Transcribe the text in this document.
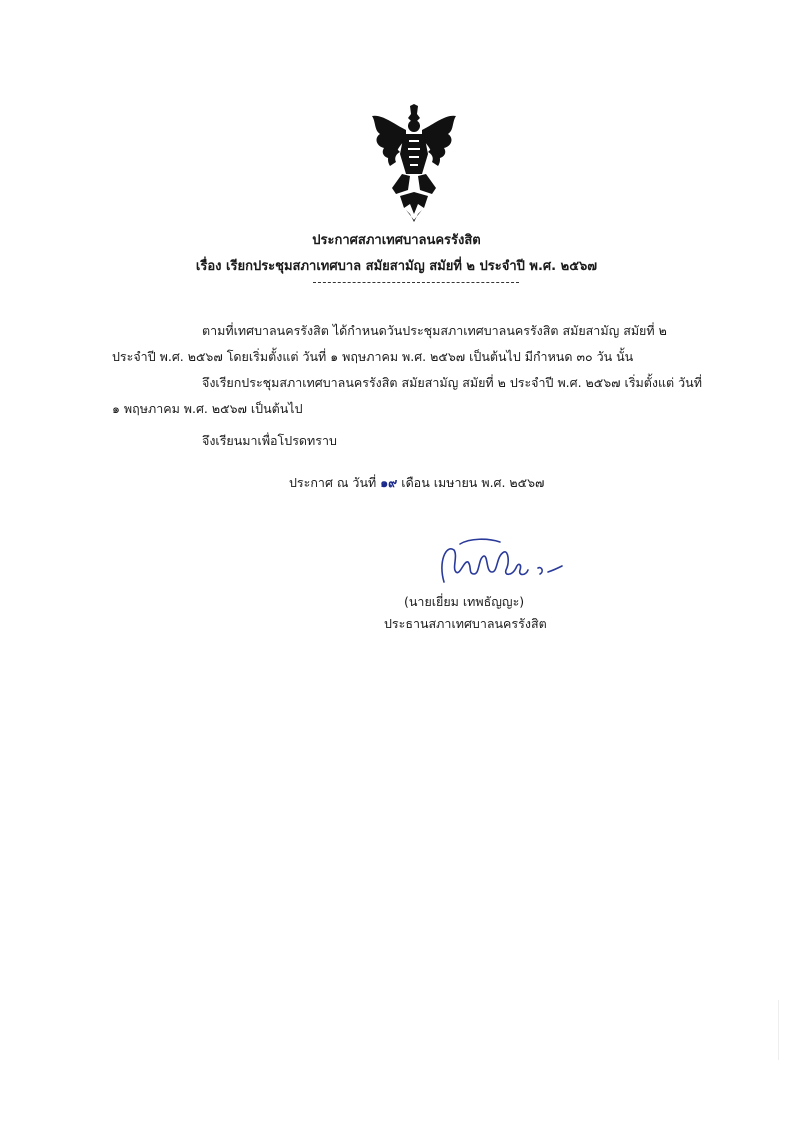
ประกาศสภาเทศบาลนครรังสิต
เรื่อง เรียกประชุมสภาเทศบาล สมัยสามัญ สมัยที่ ๒ ประจำปี พ.ศ. ๒๕๖๗
ตามที่เทศบาลนครรังสิต ได้กำหนดวันประชุมสภาเทศบาลนครรังสิต สมัยสามัญ สมัยที่ ๒ ประจำปี พ.ศ. ๒๕๖๗ โดยเริ่มตั้งแต่ วันที่ ๑ พฤษภาคม พ.ศ. ๒๕๖๗ เป็นต้นไป มีกำหนด ๓๐ วัน นั้น
จึงเรียกประชุมสภาเทศบาลนครรังสิต สมัยสามัญ สมัยที่ ๒ ประจำปี พ.ศ. ๒๕๖๗ เริ่มตั้งแต่ วันที่ ๑ พฤษภาคม พ.ศ. ๒๕๖๗ เป็นต้นไป
จึงเรียนมาเพื่อโปรดทราบ
ประกาศ ณ วันที่ ๑๙ เดือน เมษายน พ.ศ. ๒๕๖๗
(นายเยี่ยม เทพธัญญะ)
ประธานสภาเทศบาลนครรังสิต
